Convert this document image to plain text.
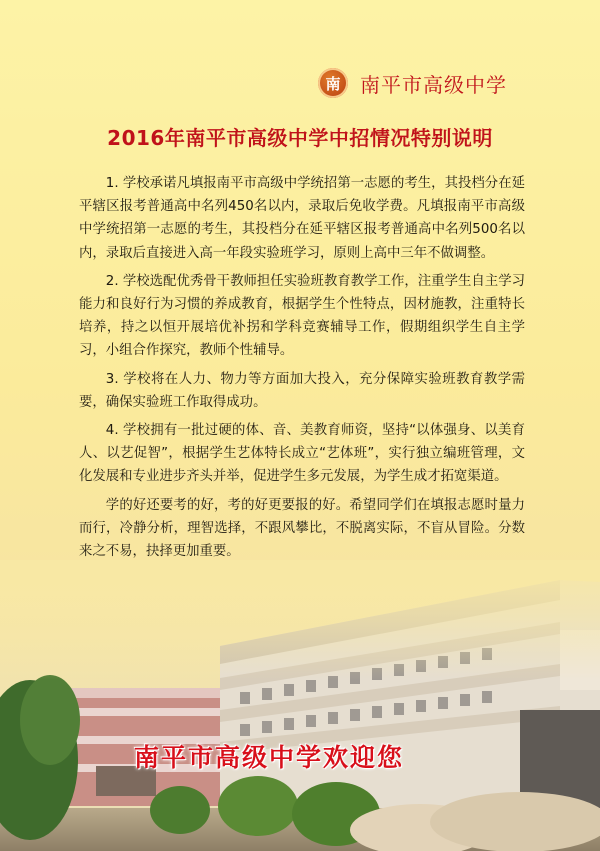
南 南平市高级中学
2016年南平市高级中学中招情况特别说明

1. 学校承诺凡填报南平市高级中学统招第一志愿的考生，其投档分在延平辖区报考普通高中名列450名以内，录取后免收学费。凡填报南平市高级中学统招第一志愿的考生，其投档分在延平辖区报考普通高中名列500名以内，录取后直接进入高一年段实验班学习，原则上高中三年不做调整。

2. 学校选配优秀骨干教师担任实验班教育教学工作，注重学生自主学习能力和良好行为习惯的养成教育，根据学生个性特点，因材施教，注重特长培养，持之以恒开展培优补拐和学科竞赛辅导工作，假期组织学生自主学习，小组合作探究，教师个性辅导。

3. 学校将在人力、物力等方面加大投入，充分保障实验班教育教学需要，确保实验班工作取得成功。

4. 学校拥有一批过硬的体、音、美教育师资，坚持“以体强身、以美育人、以艺促智”，根据学生艺体特长成立“艺体班”，实行独立编班管理，文化发展和专业进步齐头并举，促进学生多元发展，为学生成才拓宽渠道。

学的好还要考的好，考的好更要报的好。希望同学们在填报志愿时量力而行，冷静分析，理智选择，不跟风攀比，不脱离实际，不盲从冒险。分数来之不易，抉择更加重要。

南平市高级中学欢迎您
